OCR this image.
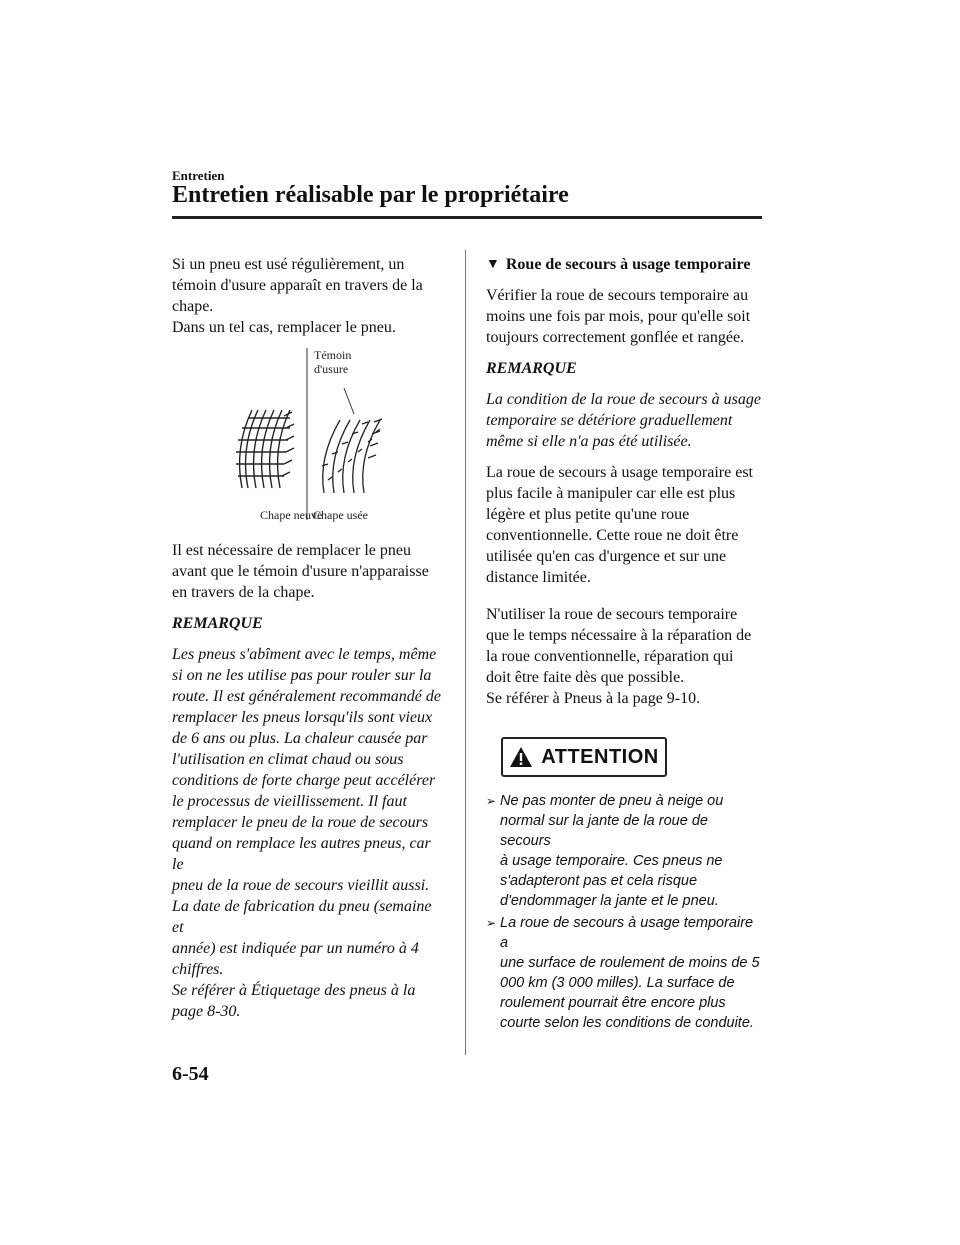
Entretien
Entretien réalisable par le propriétaire

Si un pneu est usé régulièrement, un
témoin d'usure apparaît en travers de la
chape.
Dans un tel cas, remplacer le pneu.

Témoin
d'usure
Chape neuve
Chape usée

Il est nécessaire de remplacer le pneu
avant que le témoin d'usure n'apparaisse
en travers de la chape.

REMARQUE

Les pneus s'abîment avec le temps, même
si on ne les utilise pas pour rouler sur la
route. Il est généralement recommandé de
remplacer les pneus lorsqu'ils sont vieux
de 6 ans ou plus. La chaleur causée par
l'utilisation en climat chaud ou sous
conditions de forte charge peut accélérer
le processus de vieillissement. Il faut
remplacer le pneu de la roue de secours
quand on remplace les autres pneus, car le
pneu de la roue de secours vieillit aussi.
La date de fabrication du pneu (semaine et
année) est indiquée par un numéro à 4
chiffres.
Se référer à Étiquetage des pneus à la
page 8-30.

▼ Roue de secours à usage temporaire

Vérifier la roue de secours temporaire au
moins une fois par mois, pour qu'elle soit
toujours correctement gonflée et rangée.

REMARQUE

La condition de la roue de secours à usage
temporaire se détériore graduellement
même si elle n'a pas été utilisée.

La roue de secours à usage temporaire est
plus facile à manipuler car elle est plus
légère et plus petite qu'une roue
conventionnelle. Cette roue ne doit être
utilisée qu'en cas d'urgence et sur une
distance limitée.

N'utiliser la roue de secours temporaire
que le temps nécessaire à la réparation de
la roue conventionnelle, réparation qui
doit être faite dès que possible.
Se référer à Pneus à la page 9-10.

ATTENTION
➢ Ne pas monter de pneu à neige ou
normal sur la jante de la roue de secours
à usage temporaire. Ces pneus ne
s'adapteront pas et cela risque
d'endommager la jante et le pneu.
➢ La roue de secours à usage temporaire a
une surface de roulement de moins de 5
000 km (3 000 milles). La surface de
roulement pourrait être encore plus
courte selon les conditions de conduite.
6-54
